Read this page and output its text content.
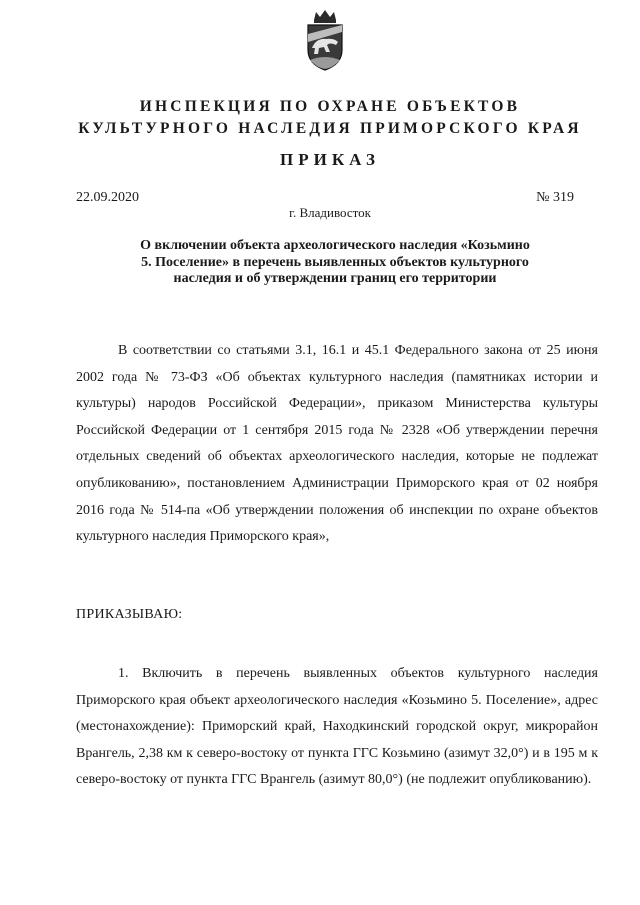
ИНСПЕКЦИЯ ПО ОХРАНЕ ОБЪЕКТОВ
КУЛЬТУРНОГО НАСЛЕДИЯ ПРИМОРСКОГО КРАЯ
ПРИКАЗ
22.09.2020	№ 319
г. Владивосток
О включении объекта археологического наследия «Козьмино 5. Поселение» в перечень выявленных объектов культурного наследия и об утверждении границ его территории

В соответствии со статьями 3.1, 16.1 и 45.1 Федерального закона от 25 июня 2002 года № 73-ФЗ «Об объектах культурного наследия (памятниках истории и культуры) народов Российской Федерации», приказом Министерства культуры Российской Федерации от 1 сентября 2015 года № 2328 «Об утверждении перечня отдельных сведений об объектах археологического наследия, которые не подлежат опубликованию», постановлением Администрации Приморского края от 02 ноября 2016 года № 514-па «Об утверждении положения об инспекции по охране объектов культурного наследия Приморского края»,

ПРИКАЗЫВАЮ:

1. Включить в перечень выявленных объектов культурного наследия Приморского края объект археологического наследия «Козьмино 5. Поселение», адрес (местонахождение): Приморский край, Находкинский городской округ, микрорайон Врангель, 2,38 км к северо-востоку от пункта ГГС Козьмино (азимут 32,0°) и в 195 м к северо-востоку от пункта ГГС Врангель (азимут 80,0°) (не подлежит опубликованию).
